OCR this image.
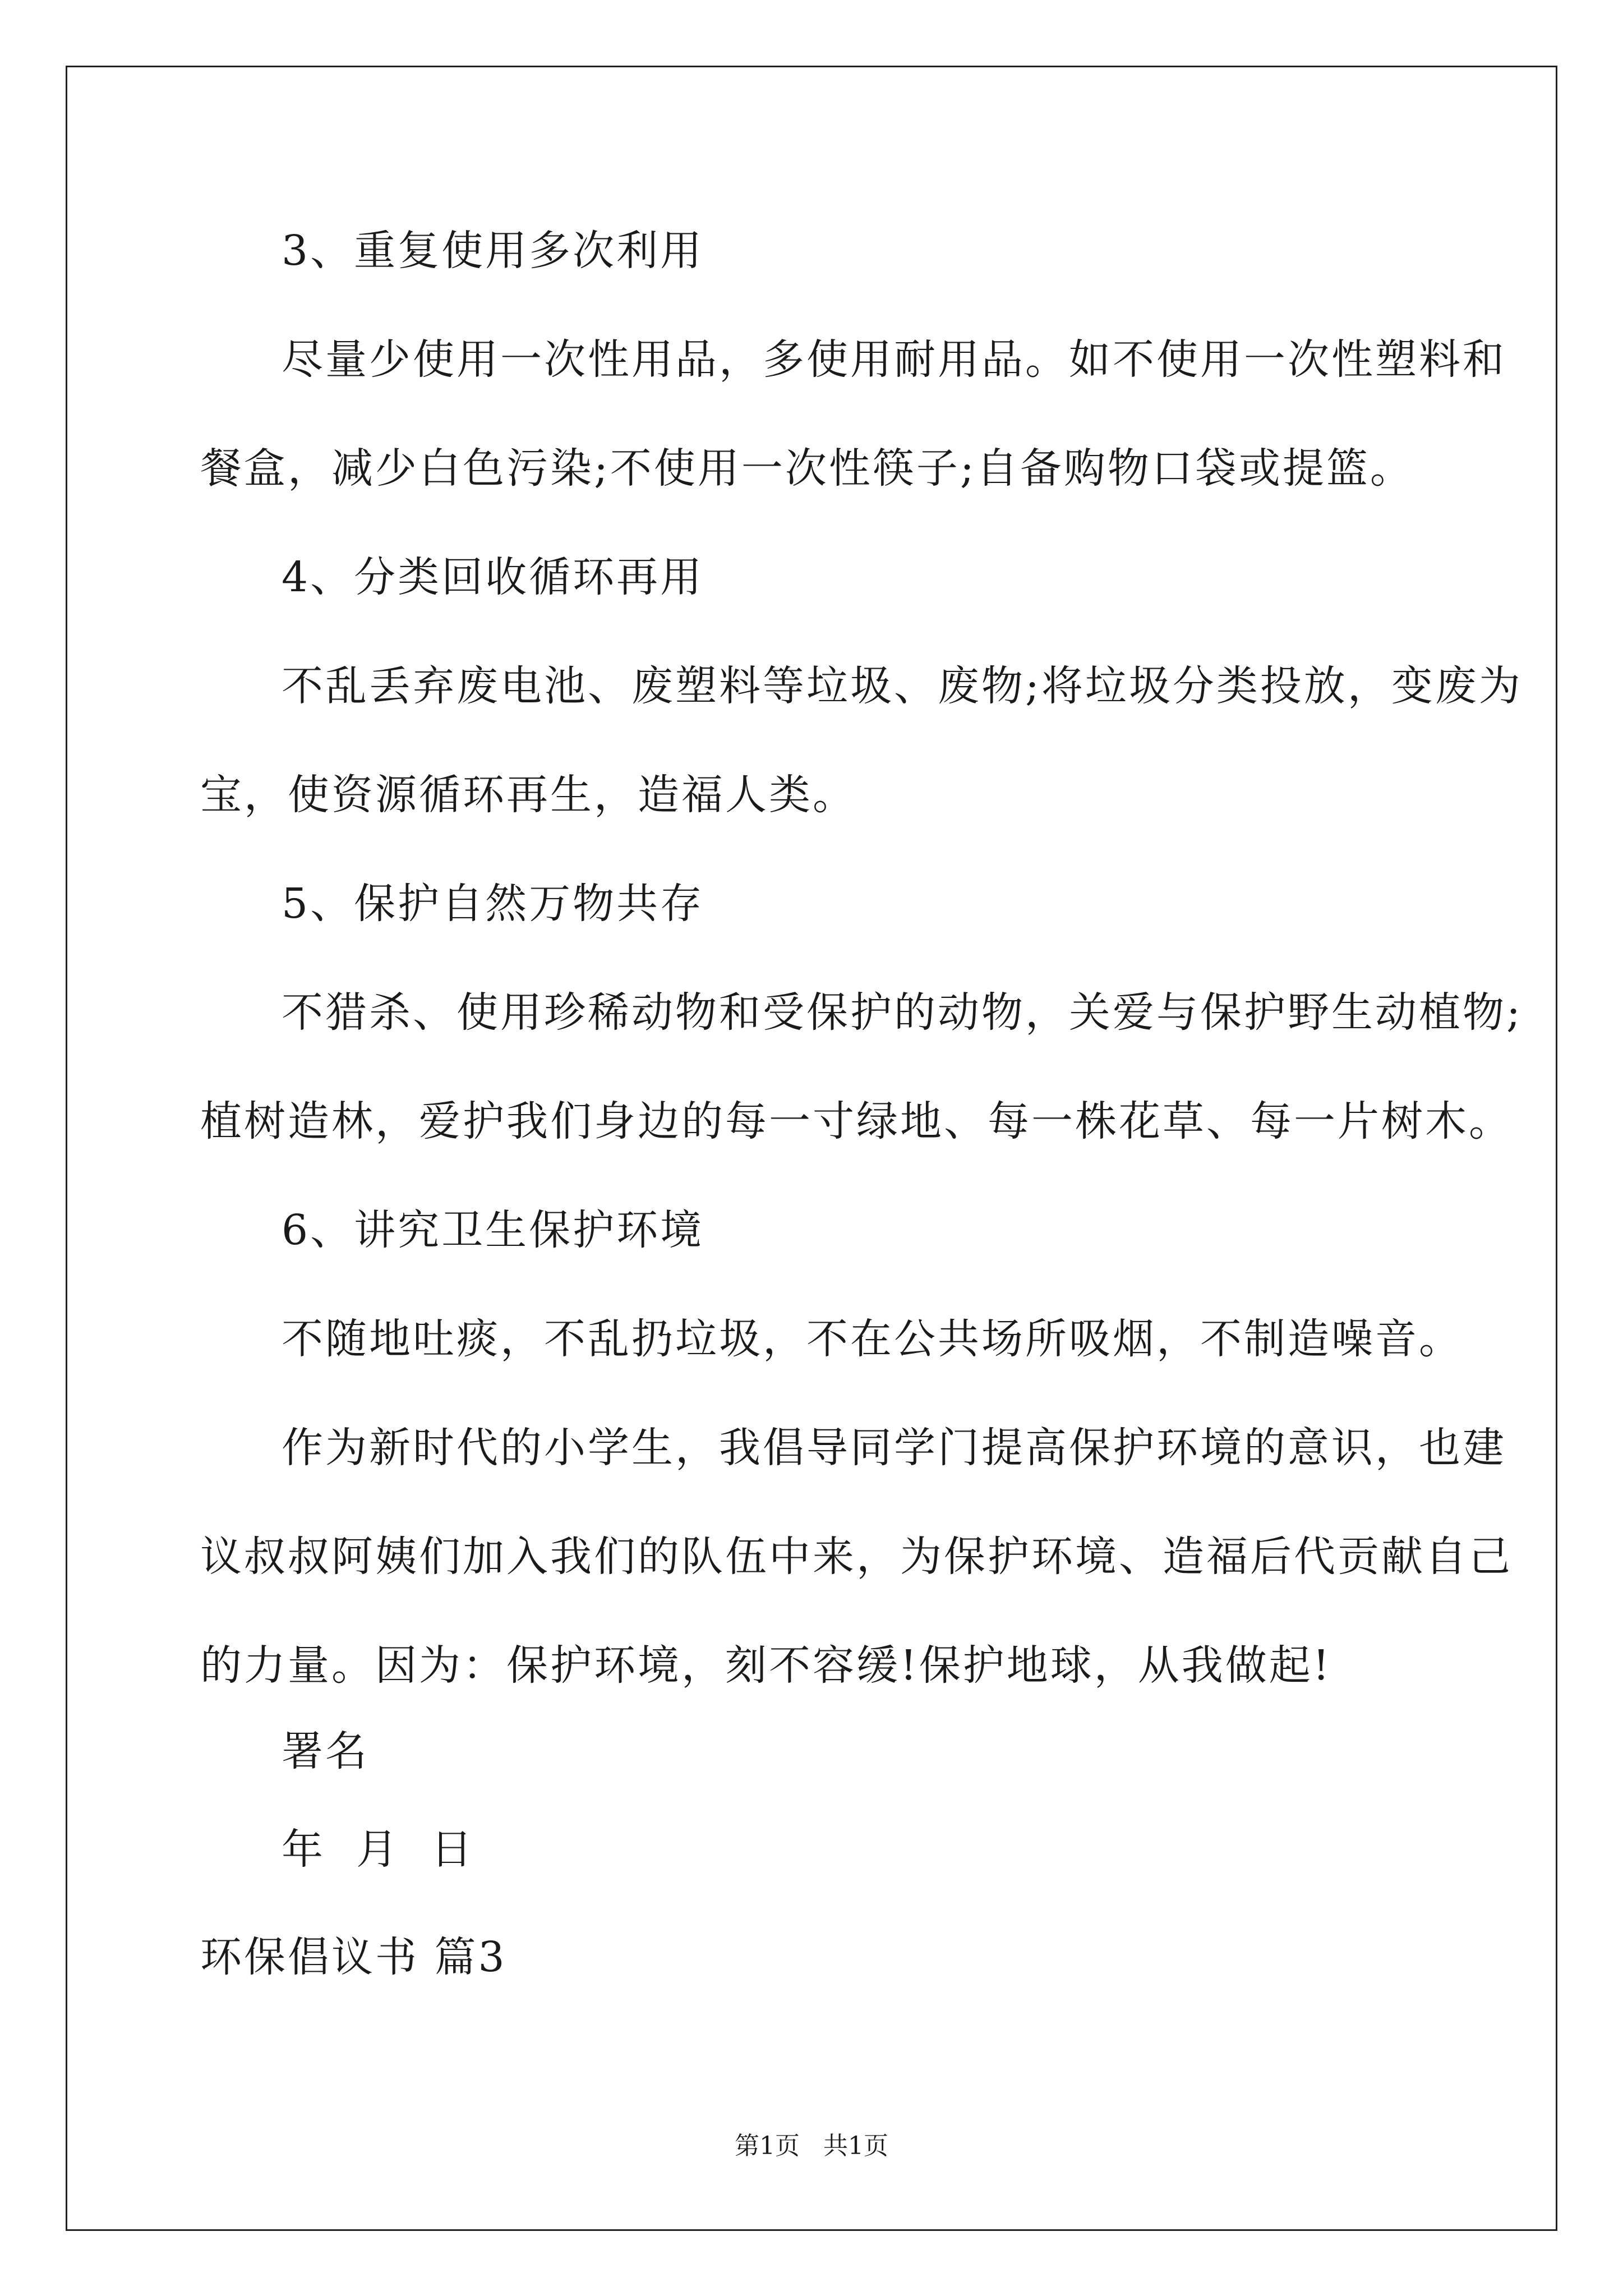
3、重复使用多次利用
尽量少使用一次性用品，多使用耐用品。如不使用一次性塑料和
餐盒，减少白色污染;不使用一次性筷子;自备购物口袋或提篮。
4、分类回收循环再用
不乱丢弃废电池、废塑料等垃圾、废物;将垃圾分类投放，变废为
宝，使资源循环再生，造福人类。
5、保护自然万物共存
不猎杀、使用珍稀动物和受保护的动物，关爱与保护野生动植物;
植树造林，爱护我们身边的每一寸绿地、每一株花草、每一片树木。
6、讲究卫生保护环境
不随地吐痰，不乱扔垃圾，不在公共场所吸烟，不制造噪音。
作为新时代的小学生，我倡导同学门提高保护环境的意识，也建
议叔叔阿姨们加入我们的队伍中来，为保护环境、造福后代贡献自己
的力量。因为：保护环境，刻不容缓!保护地球，从我做起!
署名
年  月  日
环保倡议书 篇3
第1页   共1页
